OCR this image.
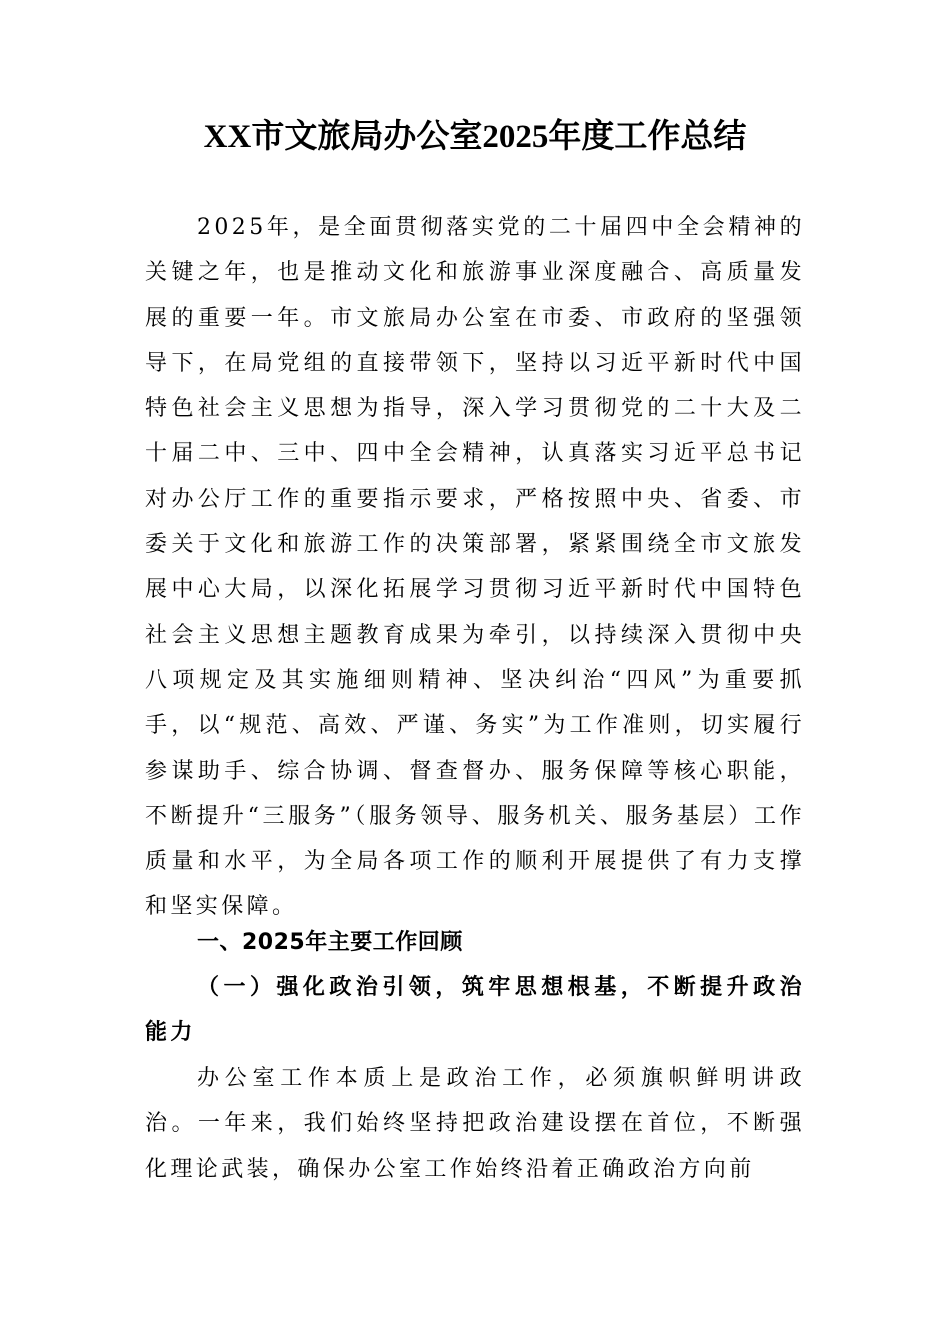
XX市文旅局办公室2025年度工作总结

2025年，是全面贯彻落实党的二十届四中全会精神的关键之年，也是推动文化和旅游事业深度融合、高质量发展的重要一年。市文旅局办公室在市委、市政府的坚强领导下，在局党组的直接带领下，坚持以习近平新时代中国特色社会主义思想为指导，深入学习贯彻党的二十大及二十届二中、三中、四中全会精神，认真落实习近平总书记对办公厅工作的重要指示要求，严格按照中央、省委、市委关于文化和旅游工作的决策部署，紧紧围绕全市文旅发展中心大局，以深化拓展学习贯彻习近平新时代中国特色社会主义思想主题教育成果为牵引，以持续深入贯彻中央八项规定及其实施细则精神、坚决纠治“四风”为重要抓手，以“规范、高效、严谨、务实”为工作准则，切实履行参谋助手、综合协调、督查督办、服务保障等核心职能，不断提升“三服务”（服务领导、服务机关、服务基层）工作质量和水平，为全局各项工作的顺利开展提供了有力支撑和坚实保障。

一、2025年主要工作回顾
（一）强化政治引领，筑牢思想根基，不断提升政治能力

办公室工作本质上是政治工作，必须旗帜鲜明讲政治。一年来，我们始终坚持把政治建设摆在首位，不断强化理论武装，确保办公室工作始终沿着正确政治方向前
